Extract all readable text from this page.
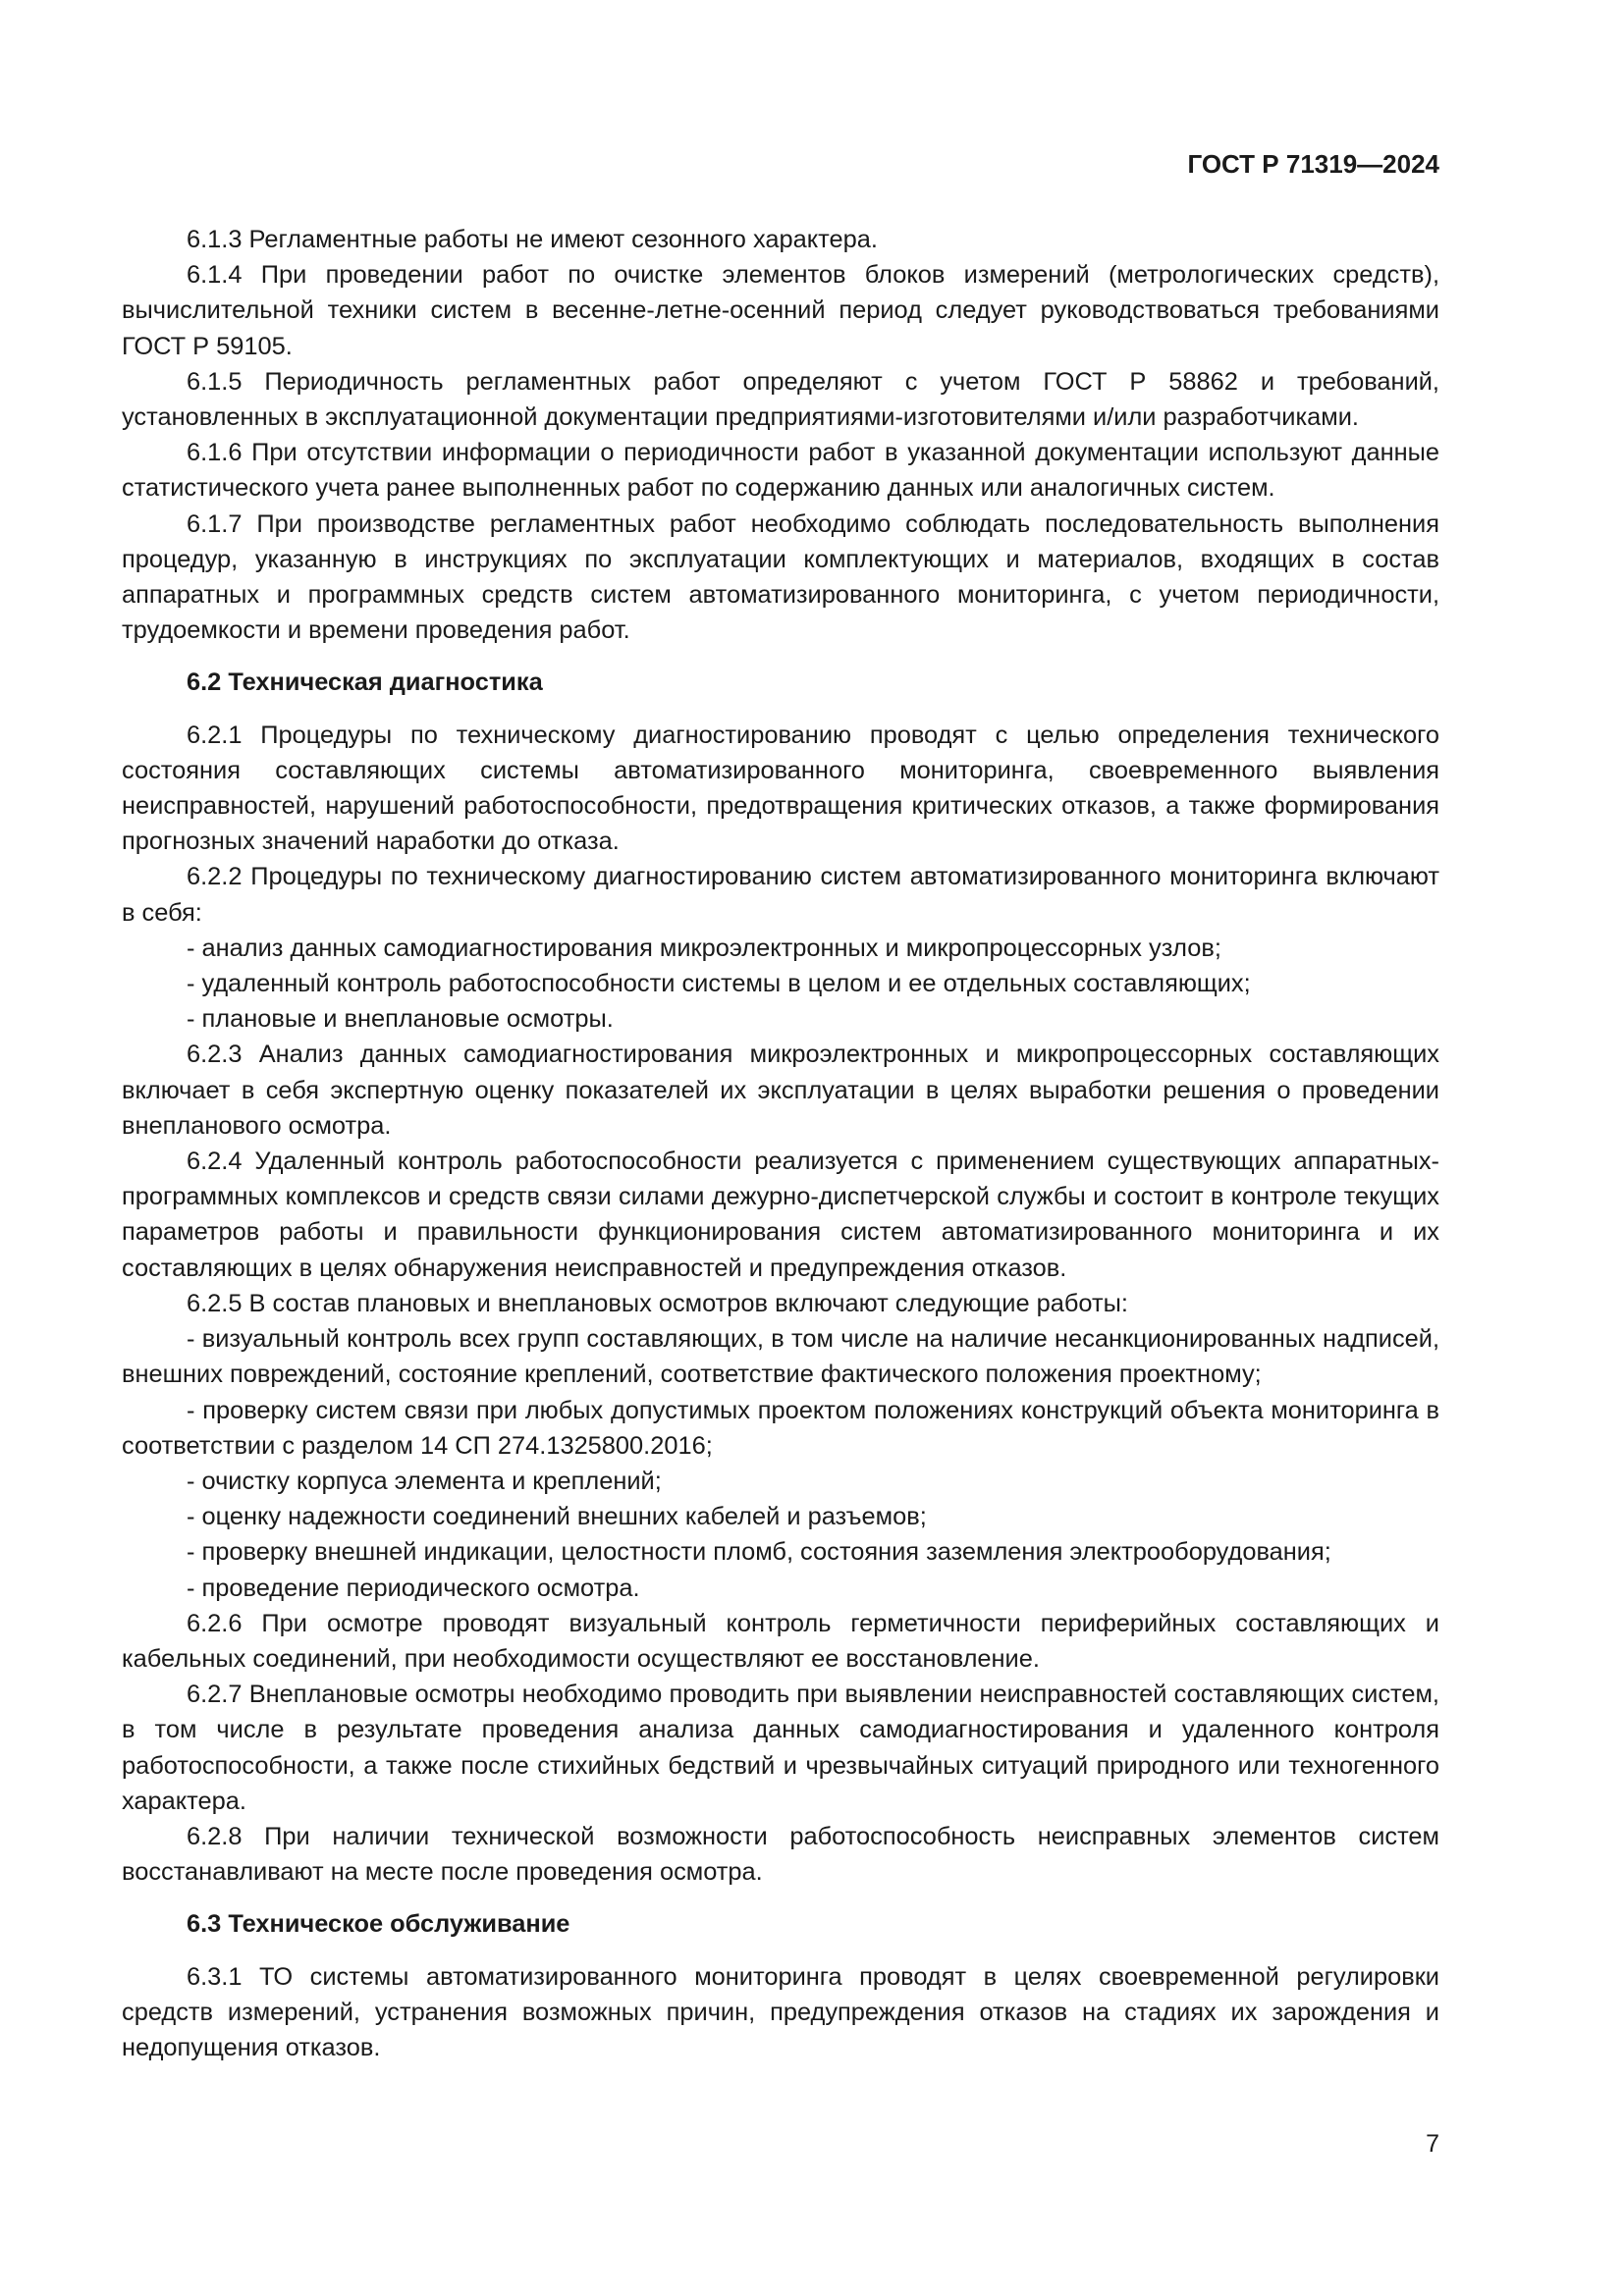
ГОСТ Р 71319—2024

6.1.3 Регламентные работы не имеют сезонного характера.

6.1.4 При проведении работ по очистке элементов блоков измерений (метрологических средств), вычислительной техники систем в весенне-летне-осенний период следует руководствоваться требованиями ГОСТ Р 59105.

6.1.5 Периодичность регламентных работ определяют с учетом ГОСТ Р 58862 и требований, установленных в эксплуатационной документации предприятиями-изготовителями и/или разработчиками.

6.1.6 При отсутствии информации о периодичности работ в указанной документации используют данные статистического учета ранее выполненных работ по содержанию данных или аналогичных систем.

6.1.7 При производстве регламентных работ необходимо соблюдать последовательность выполнения процедур, указанную в инструкциях по эксплуатации комплектующих и материалов, входящих в состав аппаратных и программных средств систем автоматизированного мониторинга, с учетом периодичности, трудоемкости и времени проведения работ.

6.2 Техническая диагностика

6.2.1 Процедуры по техническому диагностированию проводят с целью определения технического состояния составляющих системы автоматизированного мониторинга, своевременного выявления неисправностей, нарушений работоспособности, предотвращения критических отказов, а также формирования прогнозных значений наработки до отказа.

6.2.2 Процедуры по техническому диагностированию систем автоматизированного мониторинга включают в себя:

- анализ данных самодиагностирования микроэлектронных и микропроцессорных узлов;

- удаленный контроль работоспособности системы в целом и ее отдельных составляющих;

- плановые и внеплановые осмотры.

6.2.3 Анализ данных самодиагностирования микроэлектронных и микропроцессорных составляющих включает в себя экспертную оценку показателей их эксплуатации в целях выработки решения о проведении внепланового осмотра.

6.2.4 Удаленный контроль работоспособности реализуется с применением существующих аппаратных-программных комплексов и средств связи силами дежурно-диспетчерской службы и состоит в контроле текущих параметров работы и правильности функционирования систем автоматизированного мониторинга и их составляющих в целях обнаружения неисправностей и предупреждения отказов.

6.2.5 В состав плановых и внеплановых осмотров включают следующие работы:

- визуальный контроль всех групп составляющих, в том числе на наличие несанкционированных надписей, внешних повреждений, состояние креплений, соответствие фактического положения проектному;

- проверку систем связи при любых допустимых проектом положениях конструкций объекта мониторинга в соответствии с разделом 14 СП 274.1325800.2016;

- очистку корпуса элемента и креплений;

- оценку надежности соединений внешних кабелей и разъемов;

- проверку внешней индикации, целостности пломб, состояния заземления электрооборудования;

- проведение периодического осмотра.

6.2.6 При осмотре проводят визуальный контроль герметичности периферийных составляющих и кабельных соединений, при необходимости осуществляют ее восстановление.

6.2.7 Внеплановые осмотры необходимо проводить при выявлении неисправностей составляющих систем, в том числе в результате проведения анализа данных самодиагностирования и удаленного контроля работоспособности, а также после стихийных бедствий и чрезвычайных ситуаций природного или техногенного характера.

6.2.8 При наличии технической возможности работоспособность неисправных элементов систем восстанавливают на месте после проведения осмотра.

6.3 Техническое обслуживание

6.3.1 ТО системы автоматизированного мониторинга проводят в целях своевременной регулировки средств измерений, устранения возможных причин, предупреждения отказов на стадиях их зарождения и недопущения отказов.

7
